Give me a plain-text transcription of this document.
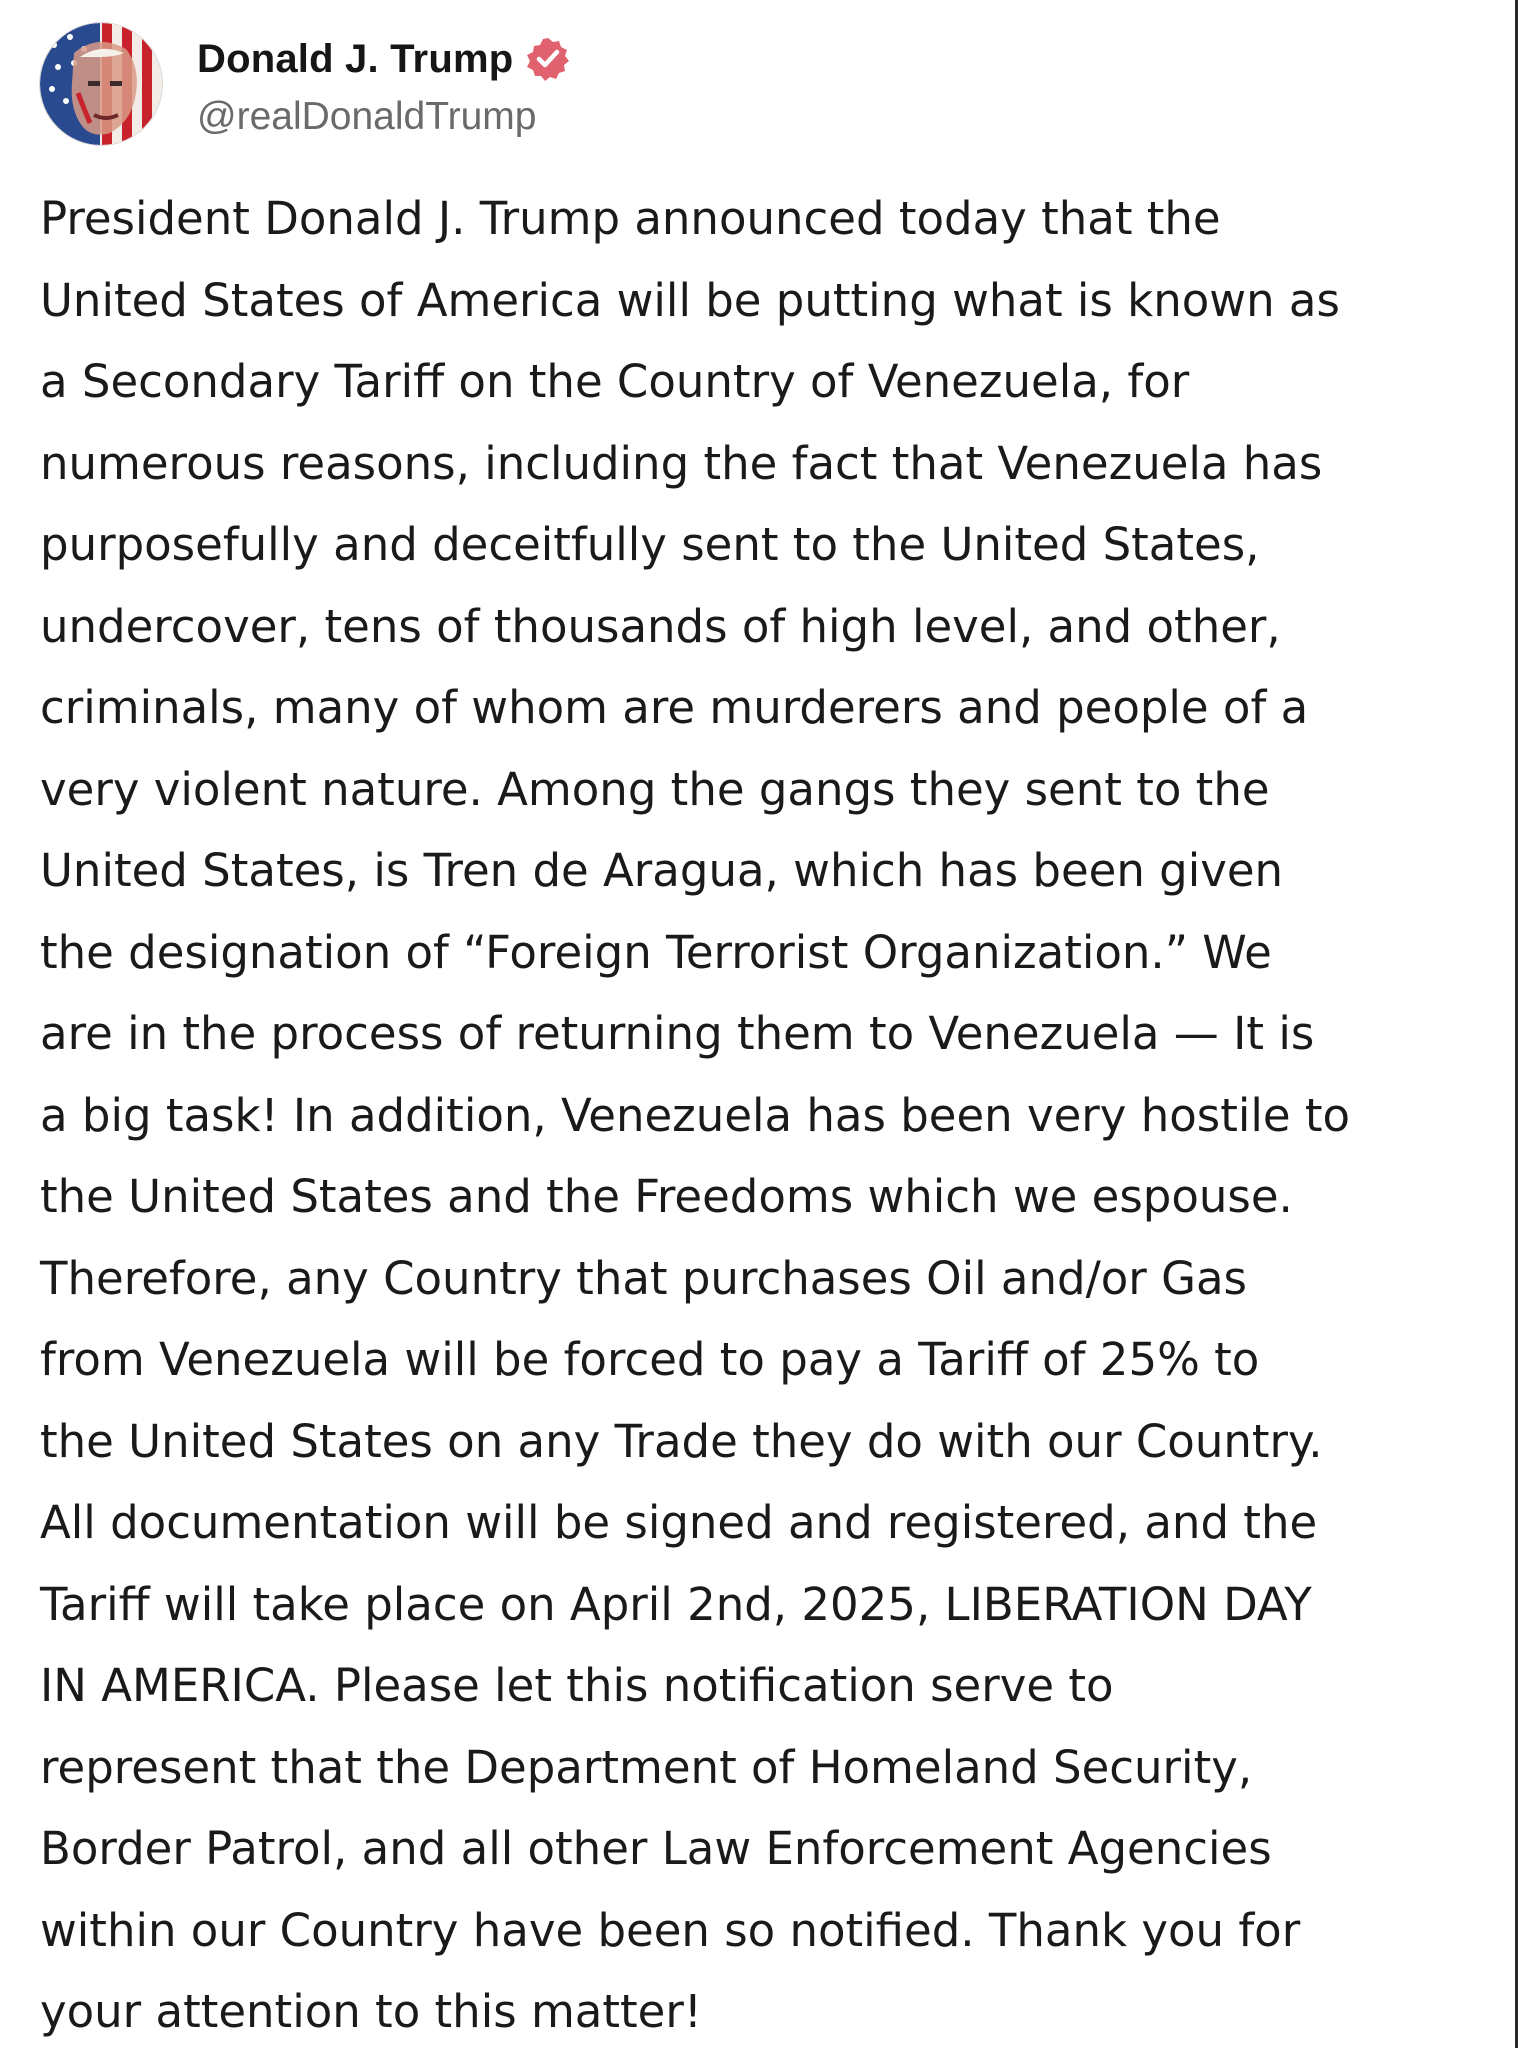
Donald J. Trump
@realDonaldTrump
President Donald J. Trump announced today that the
United States of America will be putting what is known as
a Secondary Tariff on the Country of Venezuela, for
numerous reasons, including the fact that Venezuela has
purposefully and deceitfully sent to the United States,
undercover, tens of thousands of high level, and other,
criminals, many of whom are murderers and people of a
very violent nature. Among the gangs they sent to the
United States, is Tren de Aragua, which has been given
the designation of “Foreign Terrorist Organization.” We
are in the process of returning them to Venezuela — It is
a big task! In addition, Venezuela has been very hostile to
the United States and the Freedoms which we espouse.
Therefore, any Country that purchases Oil and/or Gas
from Venezuela will be forced to pay a Tariff of 25% to
the United States on any Trade they do with our Country.
All documentation will be signed and registered, and the
Tariff will take place on April 2nd, 2025, LIBERATION DAY
IN AMERICA. Please let this notification serve to
represent that the Department of Homeland Security,
Border Patrol, and all other Law Enforcement Agencies
within our Country have been so notified. Thank you for
your attention to this matter!
